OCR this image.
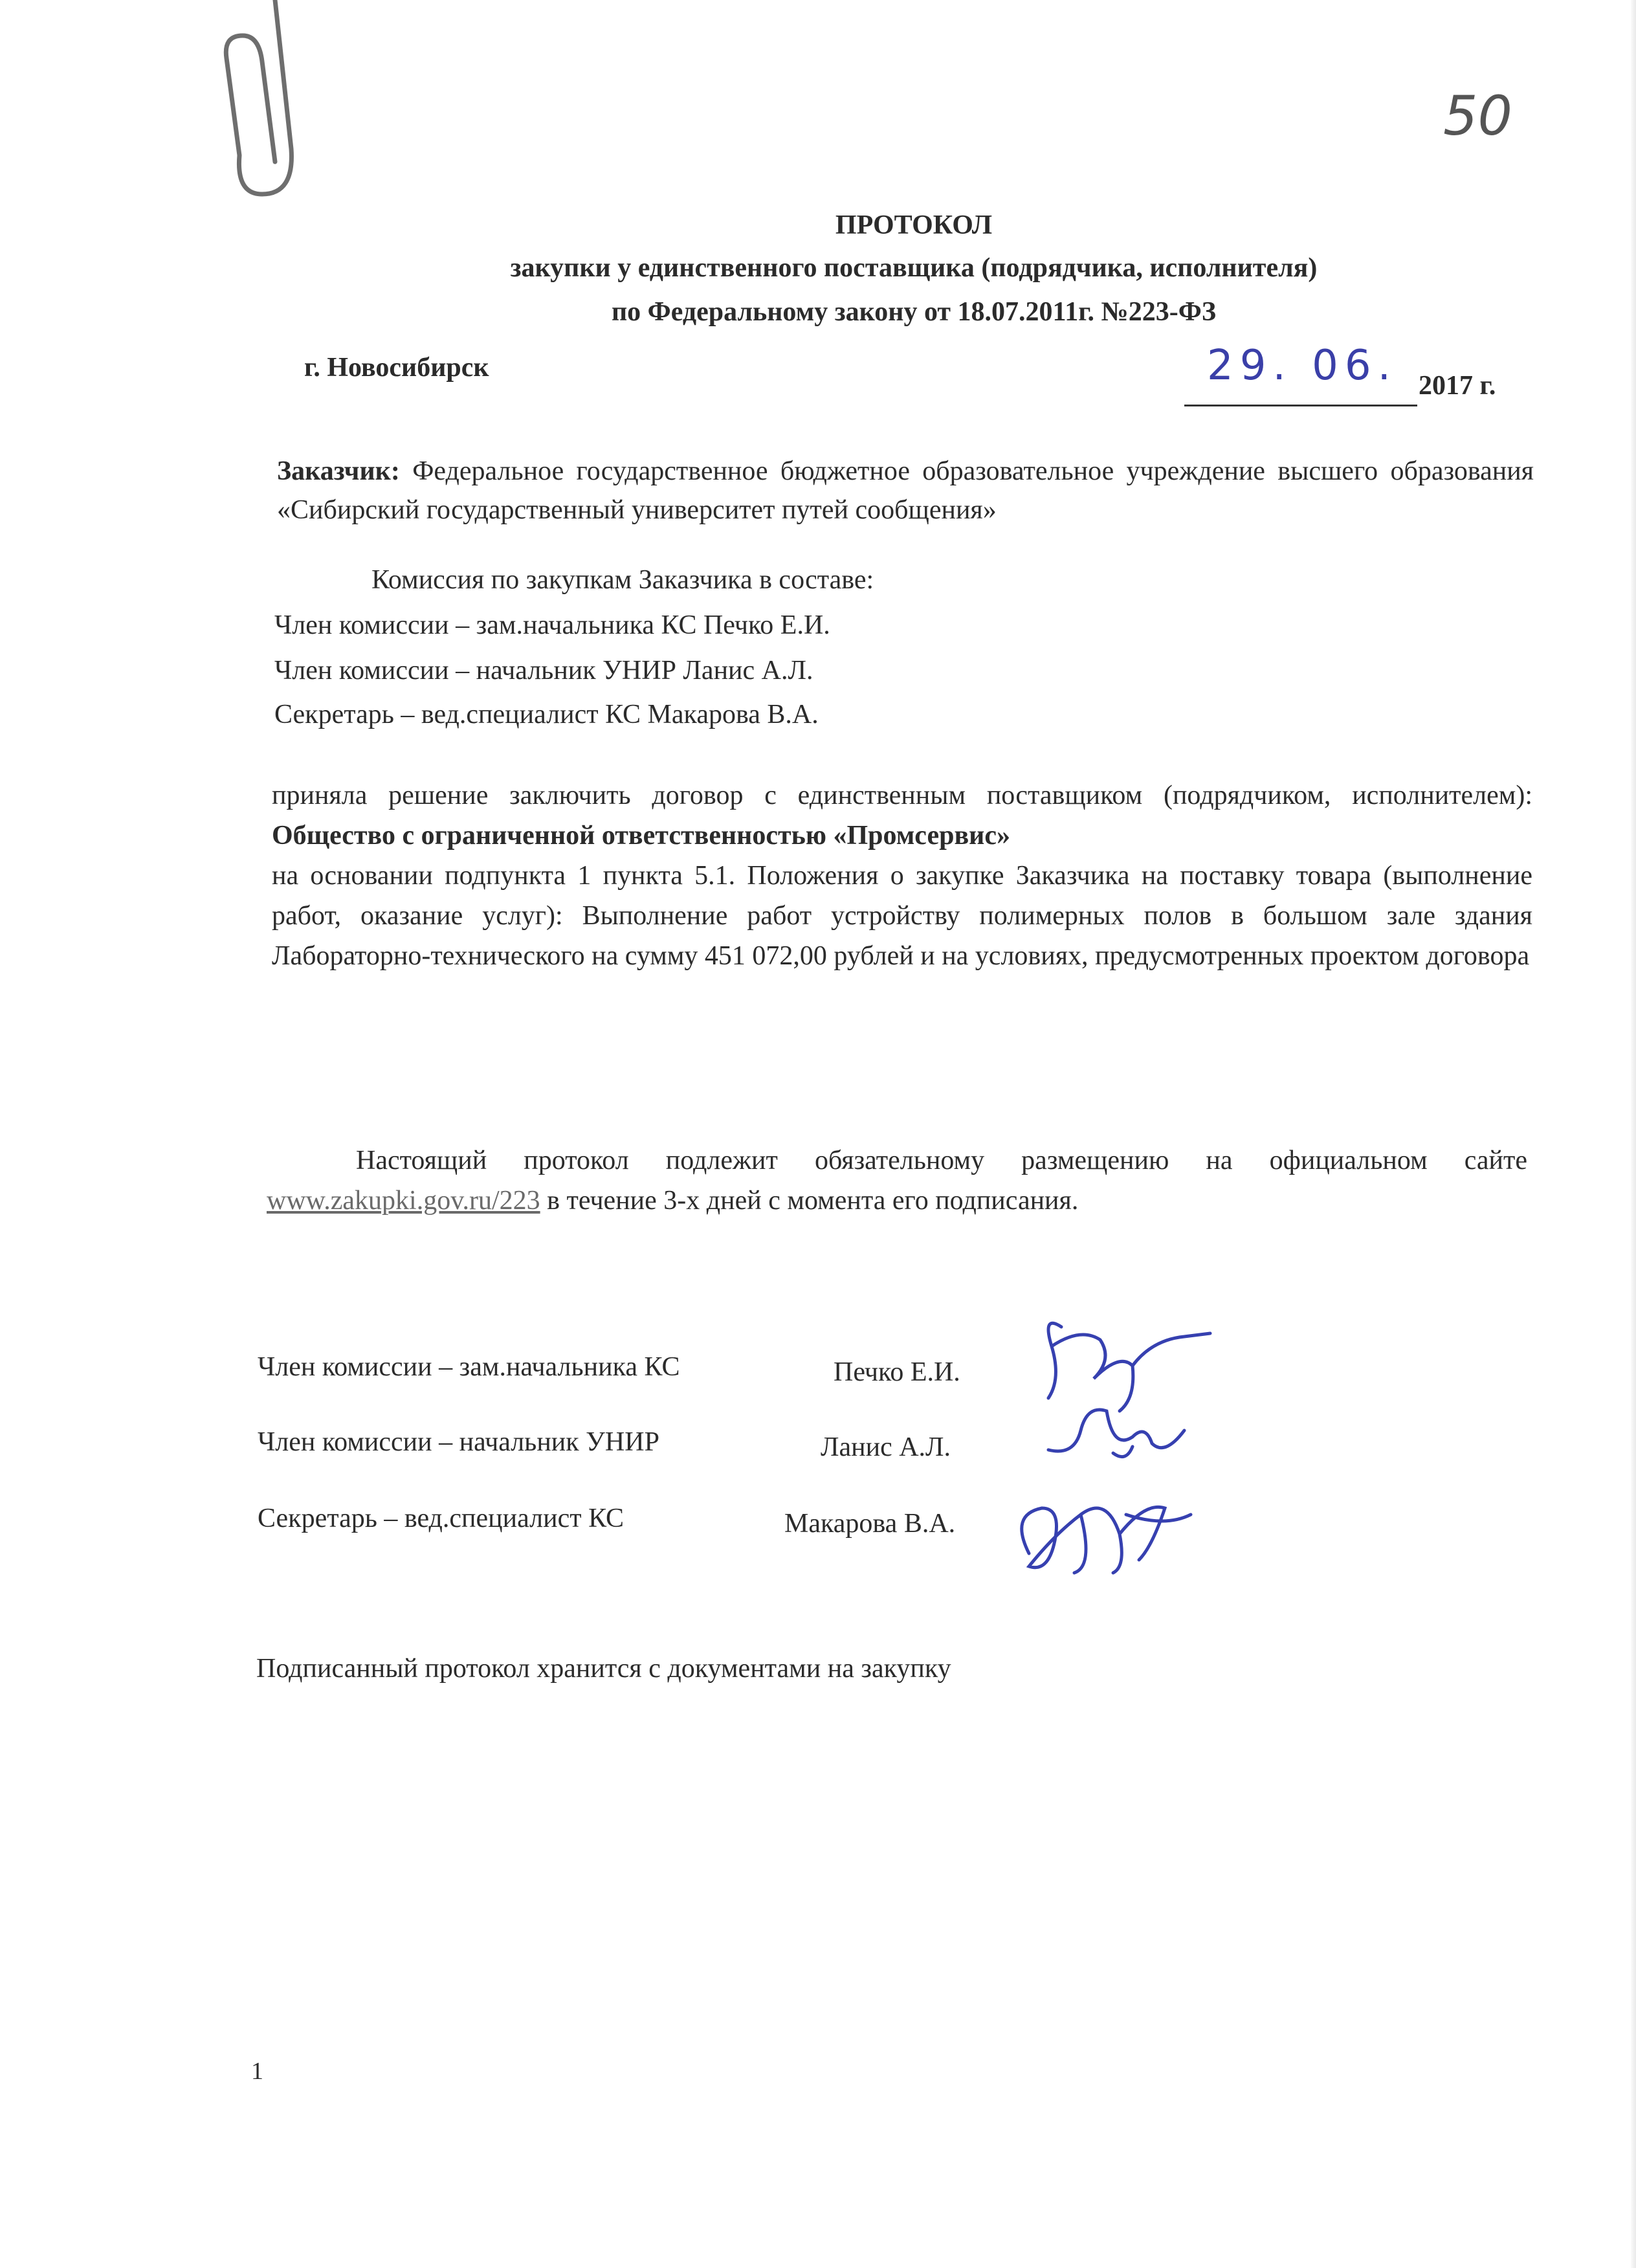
50
ПРОТОКОЛ
закупки у единственного поставщика (подрядчика, исполнителя)
по Федеральному закону от 18.07.2011г. №223-ФЗ
г. Новосибирск	29. 06. 2017 г.
Заказчик: Федеральное государственное бюджетное образовательное учреждение высшего образования «Сибирский государственный университет путей сообщения»
Комиссия по закупкам Заказчика в составе:
Член комиссии – зам.начальника КС Печко Е.И.
Член комиссии – начальник УНИР Ланис А.Л.
Секретарь – вед.специалист КС Макарова В.А.
приняла решение заключить договор с единственным поставщиком (подрядчиком, исполнителем): Общество с ограниченной ответственностью «Промсервис»
на основании подпункта 1 пункта 5.1. Положения о закупке Заказчика на поставку товара (выполнение работ, оказание услуг): Выполнение работ устройству полимерных полов в большом зале здания Лабораторно-технического на сумму 451 072,00 рублей и на условиях, предусмотренных проектом договора
Настоящий протокол подлежит обязательному размещению на официальном сайте www.zakupki.gov.ru/223 в течение 3-х дней с момента его подписания.
Член комиссии – зам.начальника КС	Печко Е.И.
Член комиссии – начальник УНИР	Ланис А.Л.
Секретарь – вед.специалист КС	Макарова В.А.
Подписанный протокол хранится с документами на закупку
1
